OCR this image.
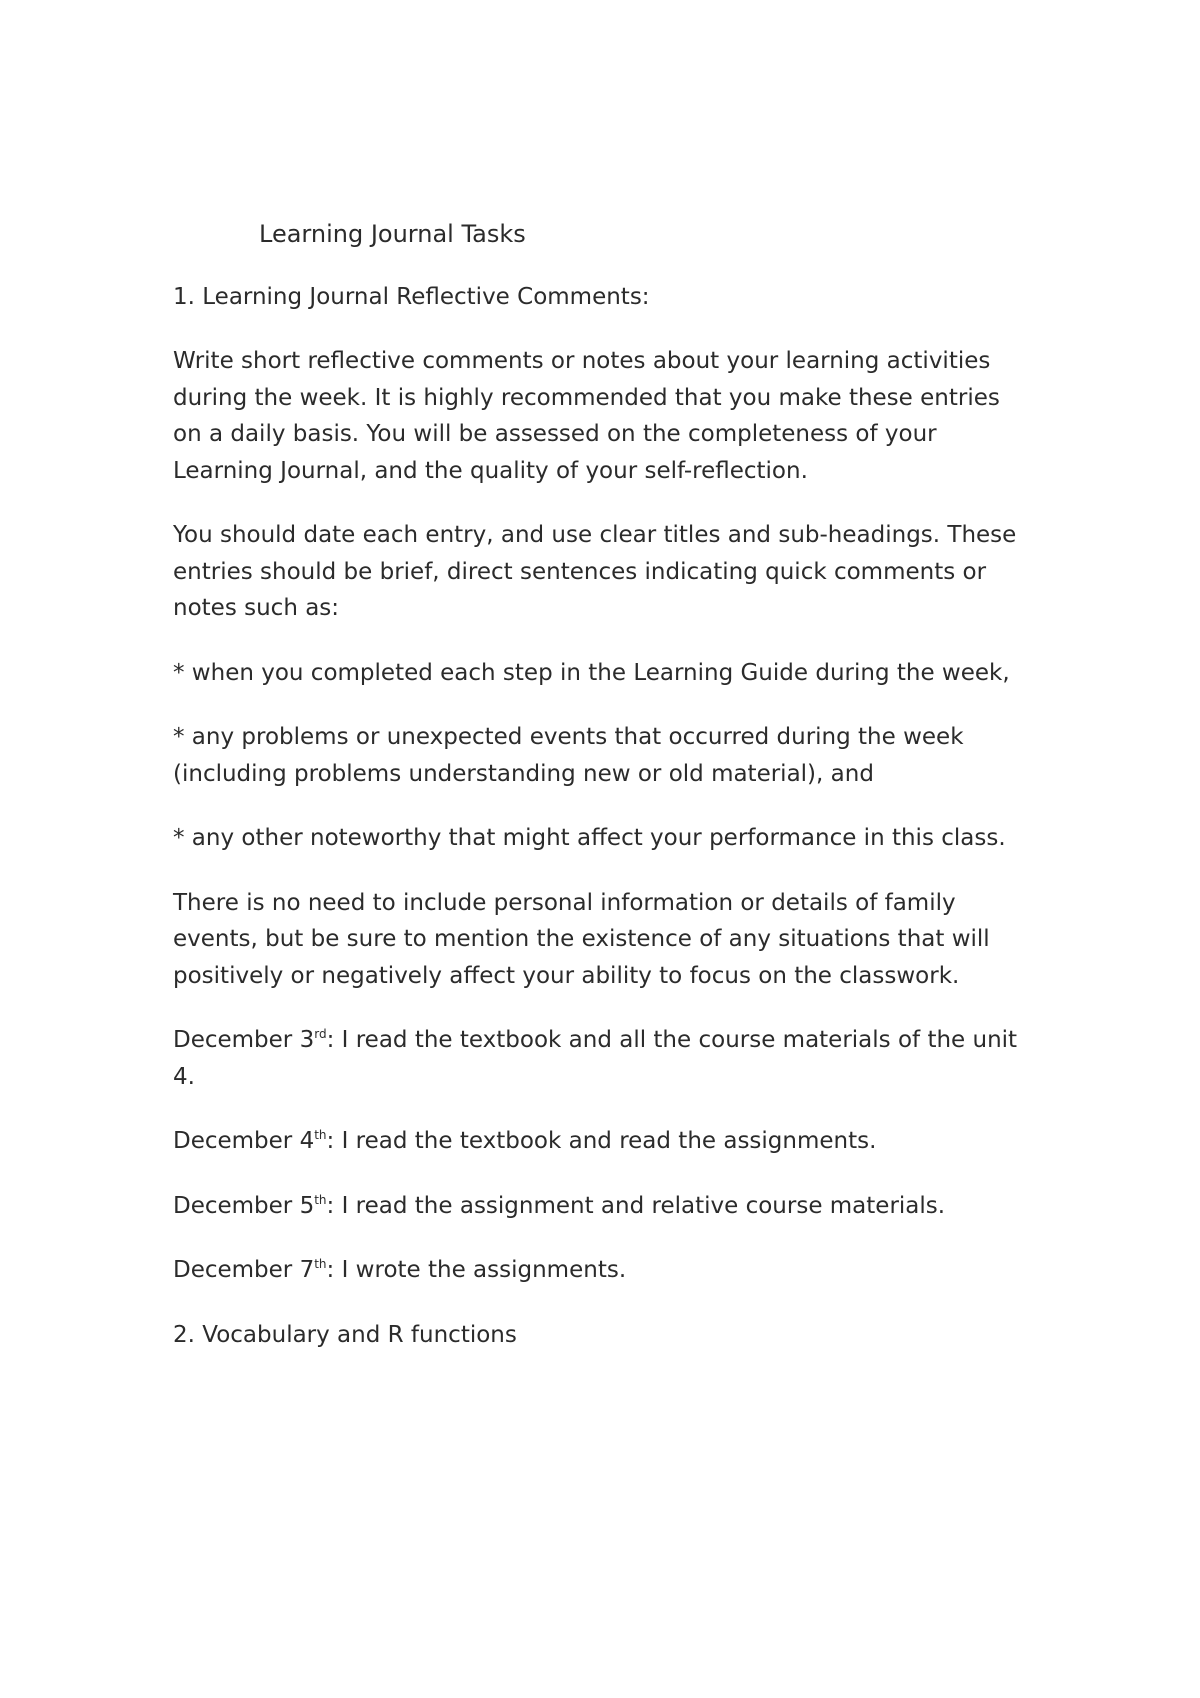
Learning Journal Tasks

1. Learning Journal Reflective Comments:

Write short reflective comments or notes about your learning activities during the week. It is highly recommended that you make these entries on a daily basis. You will be assessed on the completeness of your Learning Journal, and the quality of your self-reflection.

You should date each entry, and use clear titles and sub-headings. These entries should be brief, direct sentences indicating quick comments or notes such as:

* when you completed each step in the Learning Guide during the week,

* any problems or unexpected events that occurred during the week (including problems understanding new or old material), and

* any other noteworthy that might affect your performance in this class.

There is no need to include personal information or details of family events, but be sure to mention the existence of any situations that will positively or negatively affect your ability to focus on the classwork.

December 3rd: I read the textbook and all the course materials of the unit 4.

December 4th: I read the textbook and read the assignments.

December 5th: I read the assignment and relative course materials.

December 7th: I wrote the assignments.

2. Vocabulary and R functions
